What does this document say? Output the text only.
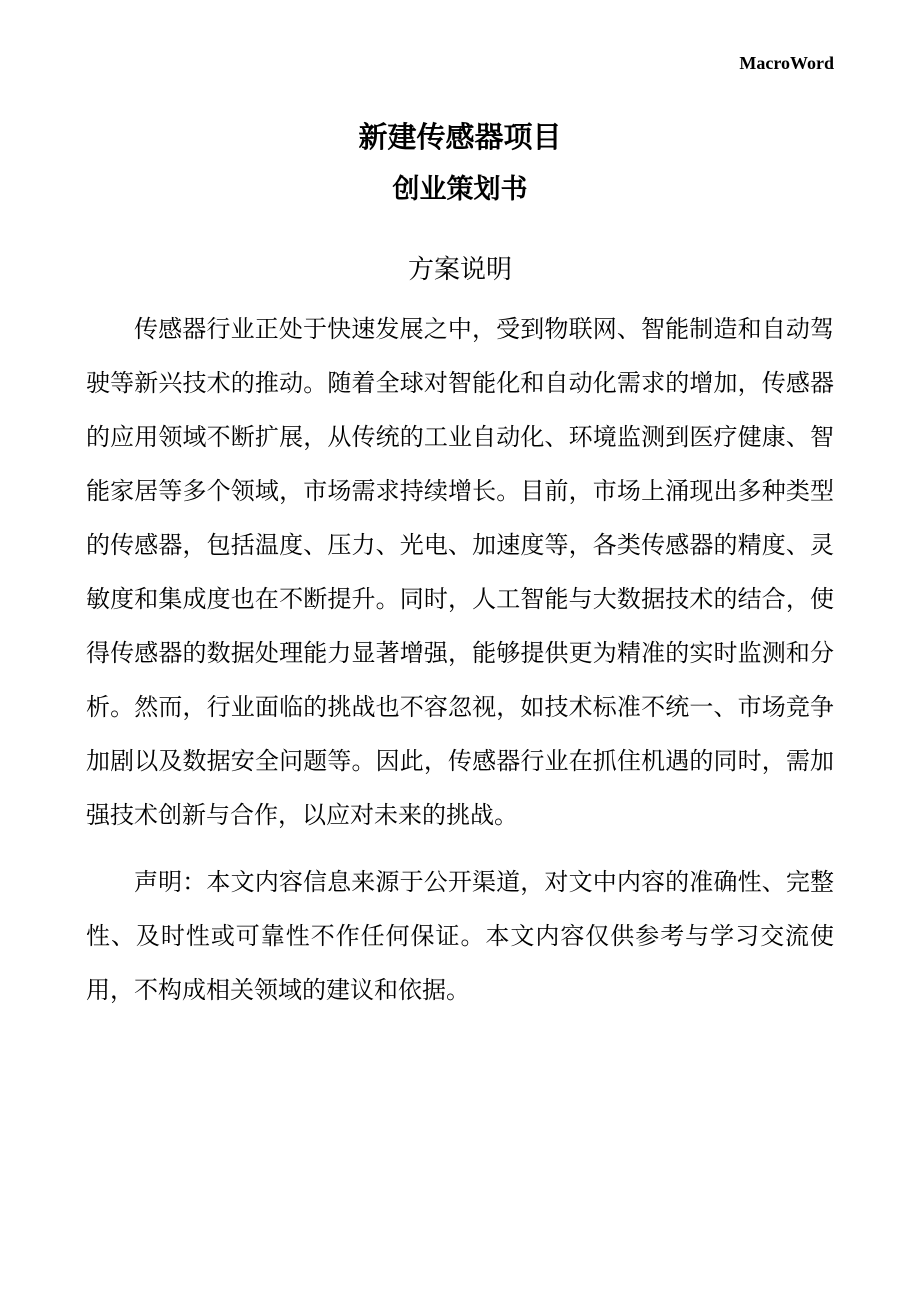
MacroWord
新建传感器项目
创业策划书
方案说明

传感器行业正处于快速发展之中，受到物联网、智能制造和自动驾驶等新兴技术的推动。随着全球对智能化和自动化需求的增加，传感器的应用领域不断扩展，从传统的工业自动化、环境监测到医疗健康、智能家居等多个领域，市场需求持续增长。目前，市场上涌现出多种类型的传感器，包括温度、压力、光电、加速度等，各类传感器的精度、灵敏度和集成度也在不断提升。同时，人工智能与大数据技术的结合，使得传感器的数据处理能力显著增强，能够提供更为精准的实时监测和分析。然而，行业面临的挑战也不容忽视，如技术标准不统一、市场竞争加剧以及数据安全问题等。因此，传感器行业在抓住机遇的同时，需加强技术创新与合作，以应对未来的挑战。

声明：本文内容信息来源于公开渠道，对文中内容的准确性、完整性、及时性或可靠性不作任何保证。本文内容仅供参考与学习交流使用，不构成相关领域的建议和依据。
